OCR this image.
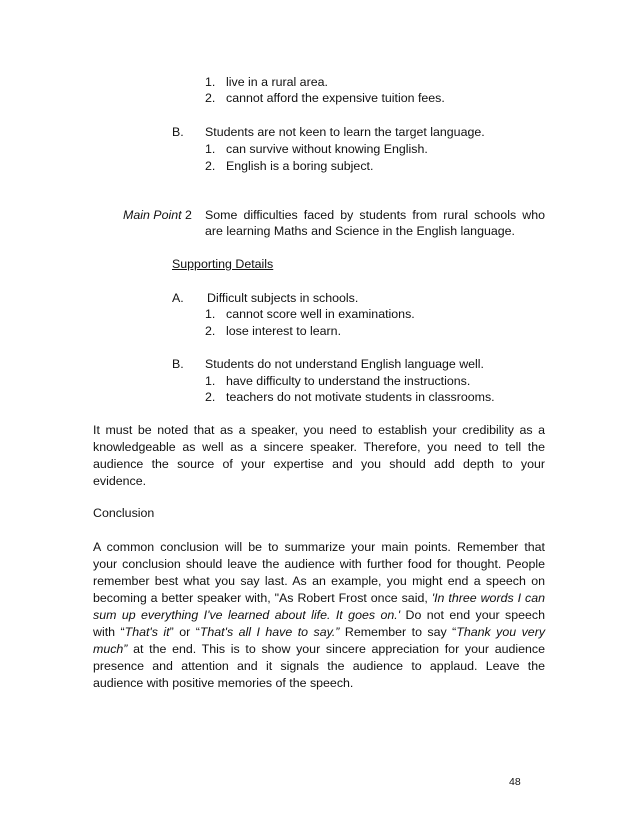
1. live in a rural area.
2. cannot afford the expensive tuition fees.
B. Students are not keen to learn the target language.
1. can survive without knowing English.
2. English is a boring subject.
Main Point 2 Some difficulties faced by students from rural schools who
are learning Maths and Science in the English language.
Supporting Details
A. Difficult subjects in schools.
1. cannot score well in examinations.
2. lose interest to learn.
B. Students do not understand English language well.
1. have difficulty to understand the instructions.
2. teachers do not motivate students in classrooms.
It must be noted that as a speaker, you need to establish your credibility as a
knowledgeable as well as a sincere speaker. Therefore, you need to tell the
audience the source of your expertise and you should add depth to your
evidence.
Conclusion
A common conclusion will be to summarize your main points. Remember that
your conclusion should leave the audience with further food for thought. People
remember best what you say last. As an example, you might end a speech on
becoming a better speaker with, "As Robert Frost once said, 'In three words I can
sum up everything I've learned about life. It goes on.' Do not end your speech
with “That's it” or “That's all I have to say.” Remember to say “Thank you very
much” at the end. This is to show your sincere appreciation for your audience
presence and attention and it signals the audience to applaud. Leave the
audience with positive memories of the speech.
48
